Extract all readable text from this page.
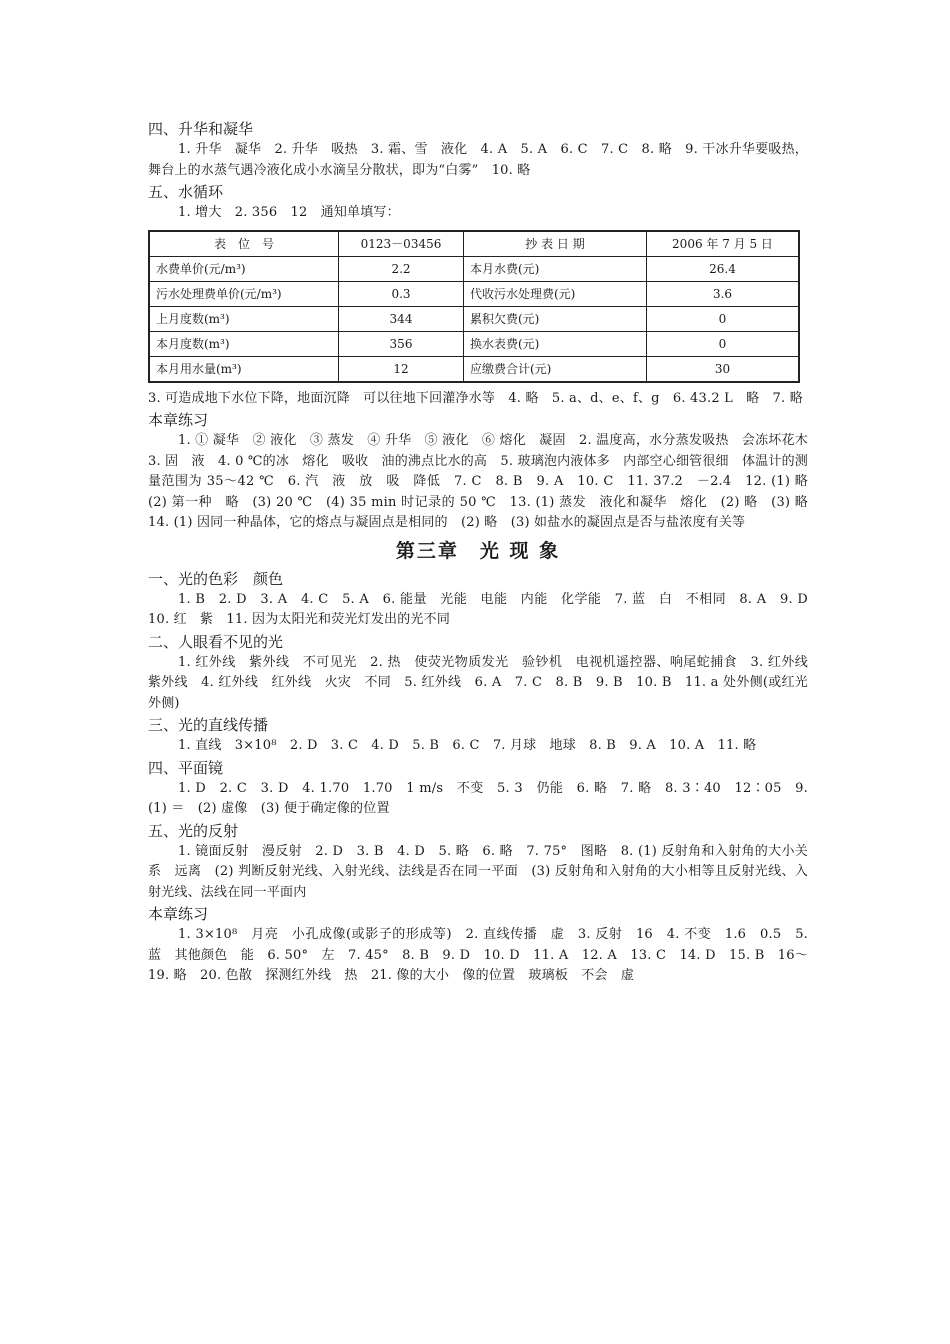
四、升华和凝华

1. 升华　凝华　2. 升华　吸热　3. 霜、雪　液化　4. A　5. A　6. C　7. C　8. 略　9. 干冰升华要吸热，舞台上的水蒸气遇冷液化成小水滴呈分散状，即为“白雾”　10. 略

五、水循环

1. 增大　2. 356　12　通知单填写：

表　位　号	0123－03456	抄 表 日 期	2006 年 7 月 5 日
水费单价(元/m³)	2.2	本月水费(元)	26.4
污水处理费单价(元/m³)	0.3	代收污水处理费(元)	3.6
上月度数(m³)	344	累积欠费(元)	0
本月度数(m³)	356	换水表费(元)	0
本月用水量(m³)	12	应缴费合计(元)	30

3. 可造成地下水位下降，地面沉降　可以往地下回灌净水等　4. 略　5. a、d、e、f、g　6. 43.2 L　略　7. 略

本章练习

1. ① 凝华　② 液化　③ 蒸发　④ 升华　⑤ 液化　⑥ 熔化　凝固　2. 温度高，水分蒸发吸热　会冻坏花木　3. 固　液　4. 0 ℃的冰　熔化　吸收　油的沸点比水的高　5. 玻璃泡内液体多　内部空心细管很细　体温计的测量范围为 35～42 ℃　6. 汽　液　放　吸　降低　7. C　8. B　9. A　10. C　11. 37.2　－2.4　12. (1) 略　(2) 第一种　略　(3) 20 ℃　(4) 35 min 时记录的 50 ℃　13. (1) 蒸发　液化和凝华　熔化　(2) 略　(3) 略　14. (1) 因同一种晶体，它的熔点与凝固点是相同的　(2) 略　(3) 如盐水的凝固点是否与盐浓度有关等

第三章　光 现 象
一、光的色彩　颜色

1. B　2. D　3. A　4. C　5. A　6. 能量　光能　电能　内能　化学能　7. 蓝　白　不相同　8. A　9. D　10. 红　紫　11. 因为太阳光和荧光灯发出的光不同

二、人眼看不见的光

1. 红外线　紫外线　不可见光　2. 热　使荧光物质发光　验钞机　电视机遥控器、响尾蛇捕食　3. 红外线　紫外线　4. 红外线　红外线　火灾　不同　5. 红外线　6. A　7. C　8. B　9. B　10. B　11. a 处外侧(或红光外侧)

三、光的直线传播

1. 直线　3×10⁸　2. D　3. C　4. D　5. B　6. C　7. 月球　地球　8. B　9. A　10. A　11. 略

四、平面镜

1. D　2. C　3. D　4. 1.70　1.70　1 m/s　不变　5. 3　仍能　6. 略　7. 略　8. 3∶40　12∶05　9. (1) ＝　(2) 虚像　(3) 便于确定像的位置

五、光的反射

1. 镜面反射　漫反射　2. D　3. B　4. D　5. 略　6. 略　7. 75°　图略　8. (1) 反射角和入射角的大小关系　远离　(2) 判断反射光线、入射光线、法线是否在同一平面　(3) 反射角和入射角的大小相等且反射光线、入射光线、法线在同一平面内

本章练习

1. 3×10⁸　月亮　小孔成像(或影子的形成等)　2. 直线传播　虚　3. 反射　16　4. 不变　1.6　0.5　5. 蓝　其他颜色　能　6. 50°　左　7. 45°　8. B　9. D　10. D　11. A　12. A　13. C　14. D　15. B　16～19. 略　20. 色散　探测红外线　热　21. 像的大小　像的位置　玻璃板　不会　虚
